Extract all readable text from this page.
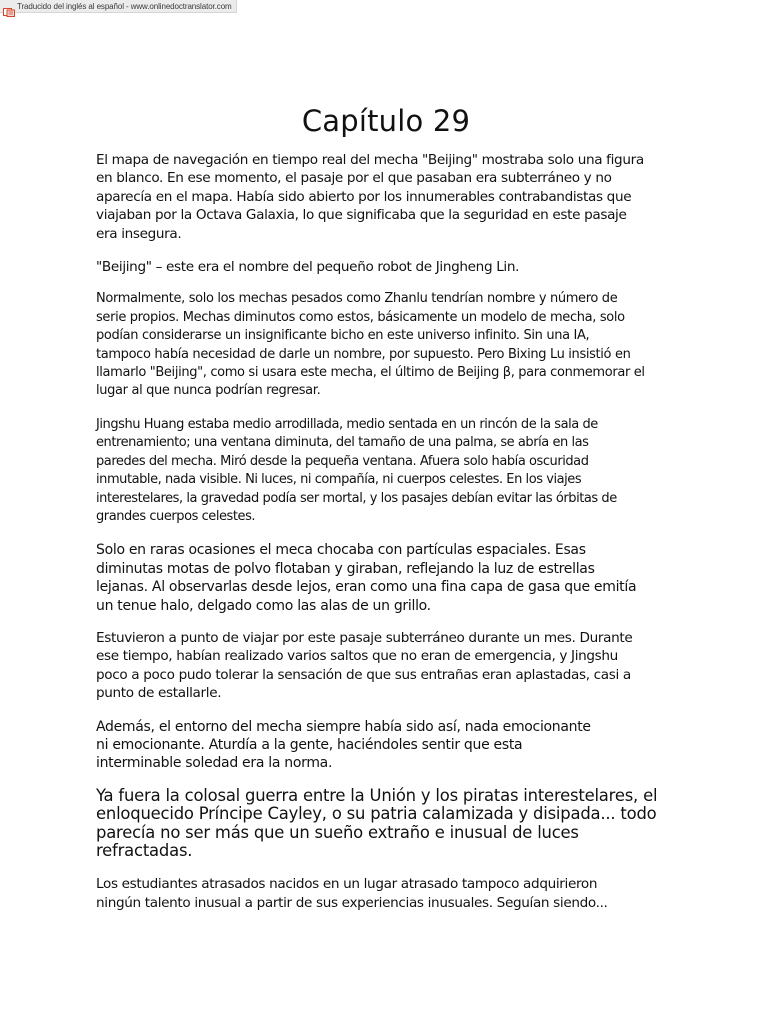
Traducido del inglés al español - www.onlinedoctranslator.com
Capítulo 29

El mapa de navegación en tiempo real del mecha "Beijing" mostraba solo una figura
en blanco. En ese momento, el pasaje por el que pasaban era subterráneo y no
aparecía en el mapa. Había sido abierto por los innumerables contrabandistas que
viajaban por la Octava Galaxia, lo que significaba que la seguridad en este pasaje
era insegura.

"Beijing" – este era el nombre del pequeño robot de Jingheng Lin.

Normalmente, solo los mechas pesados como Zhanlu tendrían nombre y número de
serie propios. Mechas diminutos como estos, básicamente un modelo de mecha, solo
podían considerarse un insignificante bicho en este universo infinito. Sin una IA,
tampoco había necesidad de darle un nombre, por supuesto. Pero Bixing Lu insistió en
llamarlo "Beijing", como si usara este mecha, el último de Beijing β, para conmemorar el
lugar al que nunca podrían regresar.

Jingshu Huang estaba medio arrodillada, medio sentada en un rincón de la sala de
entrenamiento; una ventana diminuta, del tamaño de una palma, se abría en las
paredes del mecha. Miró desde la pequeña ventana. Afuera solo había oscuridad
inmutable, nada visible. Ni luces, ni compañía, ni cuerpos celestes. En los viajes
interestelares, la gravedad podía ser mortal, y los pasajes debían evitar las órbitas de
grandes cuerpos celestes.

Solo en raras ocasiones el meca chocaba con partículas espaciales. Esas
diminutas motas de polvo flotaban y giraban, reflejando la luz de estrellas
lejanas. Al observarlas desde lejos, eran como una fina capa de gasa que emitía
un tenue halo, delgado como las alas de un grillo.

Estuvieron a punto de viajar por este pasaje subterráneo durante un mes. Durante
ese tiempo, habían realizado varios saltos que no eran de emergencia, y Jingshu
poco a poco pudo tolerar la sensación de que sus entrañas eran aplastadas, casi a
punto de estallarle.

Además, el entorno del mecha siempre había sido así, nada emocionante
ni emocionante. Aturdía a la gente, haciéndoles sentir que esta
interminable soledad era la norma.

Ya fuera la colosal guerra entre la Unión y los piratas interestelares, el
enloquecido Príncipe Cayley, o su patria calamizada y disipada... todo
parecía no ser más que un sueño extraño e inusual de luces
refractadas.

Los estudiantes atrasados nacidos en un lugar atrasado tampoco adquirieron
ningún talento inusual a partir de sus experiencias inusuales. Seguían siendo...
